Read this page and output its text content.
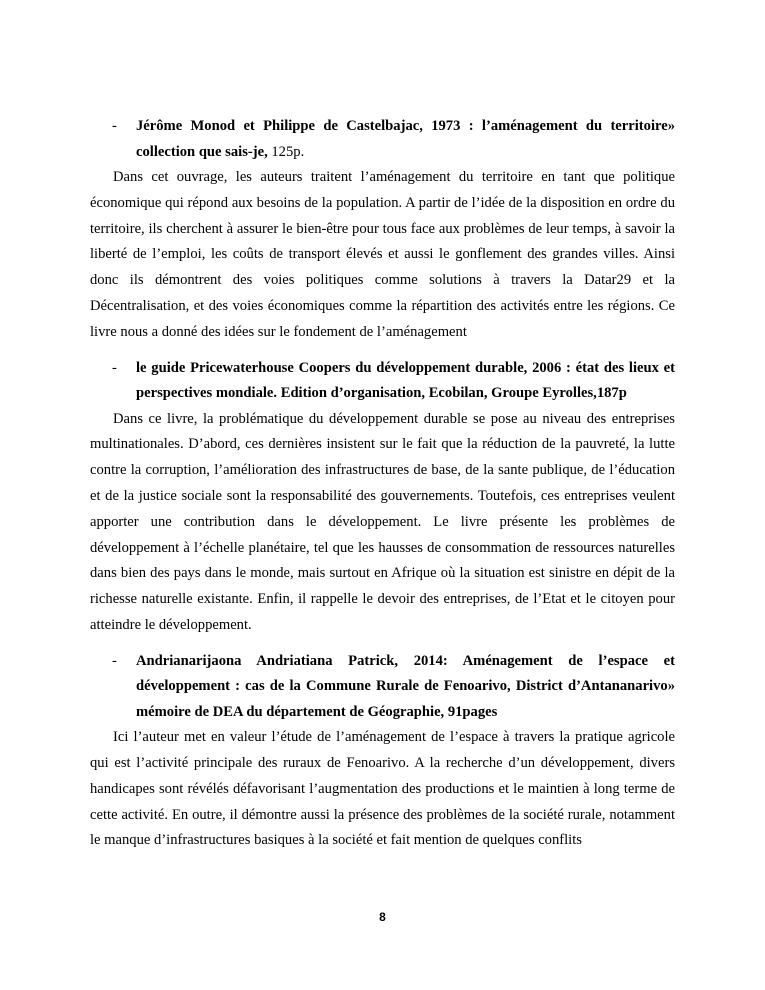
- Jérôme Monod et Philippe de Castelbajac, 1973 : l’aménagement du territoire» collection que sais-je, 125p.

Dans cet ouvrage, les auteurs traitent l’aménagement du territoire en tant que politique économique qui répond aux besoins de la population. A partir de l’idée de la disposition en ordre du territoire, ils cherchent à assurer le bien-être pour tous face aux problèmes de leur temps, à savoir la liberté de l’emploi, les coûts de transport élevés et aussi le gonflement des grandes villes. Ainsi donc ils démontrent des voies politiques comme solutions à travers la Datar29 et la Décentralisation, et des voies économiques comme la répartition des activités entre les régions. Ce livre nous a donné des idées sur le fondement de l’aménagement

- le guide Pricewaterhouse Coopers du développement durable, 2006 : état des lieux et perspectives mondiale. Edition d’organisation, Ecobilan, Groupe Eyrolles,187p

Dans ce livre, la problématique du développement durable se pose au niveau des entreprises multinationales. D’abord, ces dernières insistent sur le fait que la réduction de la pauvreté, la lutte contre la corruption, l’amélioration des infrastructures de base, de la sante publique, de l’éducation et de la justice sociale sont la responsabilité des gouvernements. Toutefois, ces entreprises veulent apporter une contribution dans le développement. Le livre présente les problèmes de développement à l’échelle planétaire, tel que les hausses de consommation de ressources naturelles dans bien des pays dans le monde, mais surtout en Afrique où la situation est sinistre en dépit de la richesse naturelle existante. Enfin, il rappelle le devoir des entreprises, de l’Etat et le citoyen pour atteindre le développement.

- Andrianarijaona Andriatiana Patrick, 2014: Aménagement de l’espace et développement : cas de la Commune Rurale de Fenoarivo, District d’Antananarivo» mémoire de DEA du département de Géographie, 91pages

Ici l’auteur met en valeur l’étude de l’aménagement de l’espace à travers la pratique agricole qui est l’activité principale des ruraux de Fenoarivo. A la recherche d’un développement, divers handicapes sont révélés défavorisant l’augmentation des productions et le maintien à long terme de cette activité. En outre, il démontre aussi la présence des problèmes de la société rurale, notamment le manque d’infrastructures basiques à la société et fait mention de quelques conflits

8
